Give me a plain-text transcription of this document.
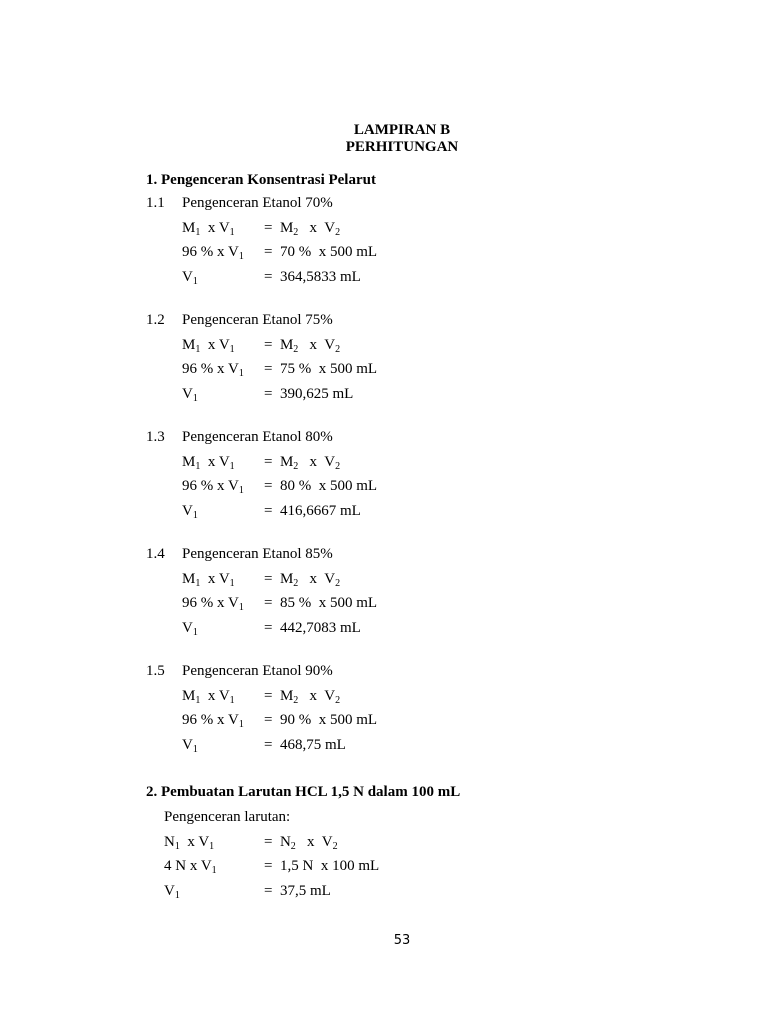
LAMPIRAN B
PERHITUNGAN
1. Pengenceran Konsentrasi Pelarut
1.1 Pengenceran Etanol 70%
$M_1$  x $V_1 = M_2$   x  $V_2$
96 % x $V_1 = 70$ %  x 500 mL
$V_1$	=  364,5833 mL
1.2 Pengenceran Etanol 75%
$M_1$  x $V_1 = M_2$   x  $V_2$
96 % x $V_1 = 75$ %  x 500 mL
$V_1$	=  390,625 mL
1.3 Pengenceran Etanol 80%
$M_1$  x $V_1 = M_2$   x  $V_2$
96 % x $V_1 = 80$ %  x 500 mL
$V_1$	=  416,6667 mL
1.4 Pengenceran Etanol 85%
$M_1$  x $V_1 = M_2$   x  $V_2$
96 % x $V_1 = 85$ %  x 500 mL
$V_1$	=  442,7083 mL
1.5 Pengenceran Etanol 90%
$M_1$  x $V_1 = M_2$   x  $V_2$
96 % x $V_1 = 90$ %  x 500 mL
$V_1$	=  468,75 mL
2. Pembuatan Larutan HCL 1,5 N dalam 100 mL
Pengenceran larutan:
$N_1$  x $V_1$	=  $N_2$   x  $V_2$
4 N x $V_1$	=  1,5 N  x 100 mL
$V_1$	=  37,5 mL
53
